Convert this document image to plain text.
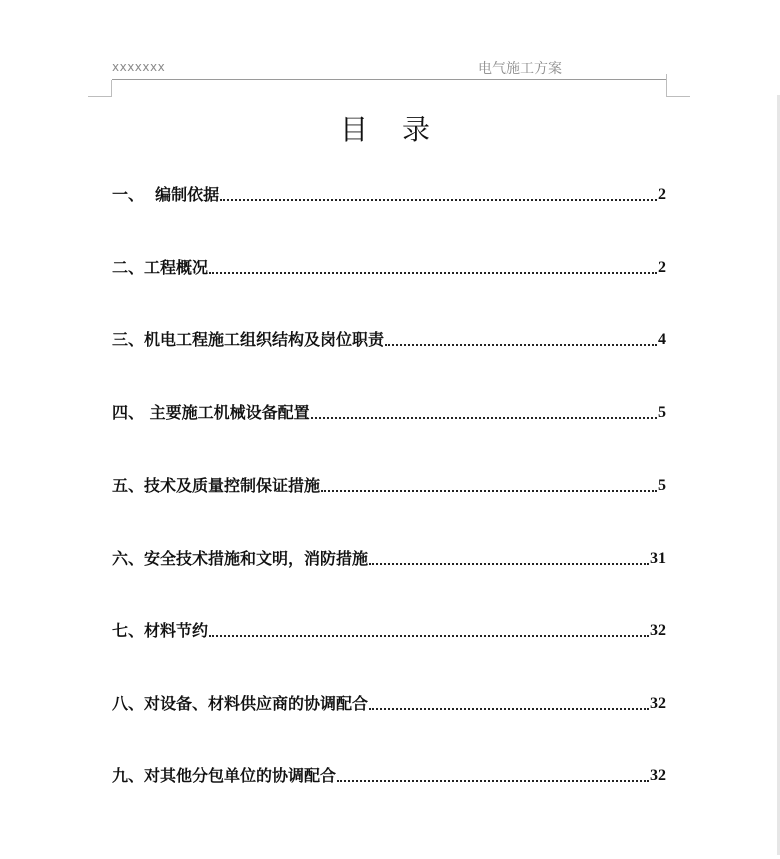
xxxxxxx	电气施工方案
目录
一、  编制依据	2
二、工程概况	2
三、机电工程施工组织结构及岗位职责	4
四、 主要施工机械设备配置	5
五、技术及质量控制保证措施	5
六、安全技术措施和文明，消防措施	31
七、材料节约	32
八、对设备、材料供应商的协调配合	32
九、对其他分包单位的协调配合	32
